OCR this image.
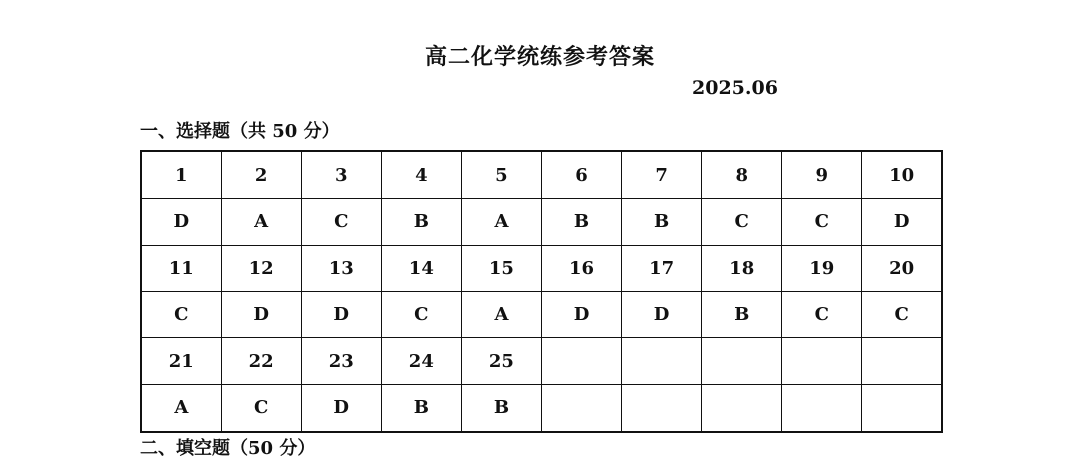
高二化学统练参考答案
2025.06
一、选择题（共 50 分）
1	2	3	4	5	6	7	8	9	10
D	A	C	B	A	B	B	C	C	D
11	12	13	14	15	16	17	18	19	20
C	D	D	C	A	D	D	B	C	C
21	22	23	24	25					
A	C	D	B	B					
二、填空题（50 分）
